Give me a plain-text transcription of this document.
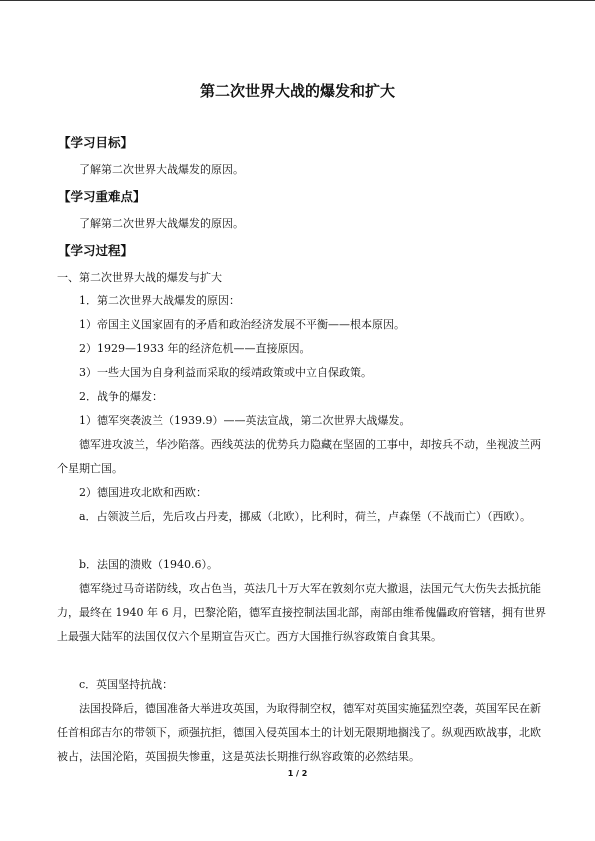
第二次世界大战的爆发和扩大
【学习目标】

了解第二次世界大战爆发的原因。

【学习重难点】

了解第二次世界大战爆发的原因。

【学习过程】

一、第二次世界大战的爆发与扩大

1．第二次世界大战爆发的原因：

1）帝国主义国家固有的矛盾和政治经济发展不平衡——根本原因。

2）1929—1933 年的经济危机——直接原因。

3）一些大国为自身利益而采取的绥靖政策或中立自保政策。

2．战争的爆发：

1）德军突袭波兰（1939.9）——英法宣战，第二次世界大战爆发。

德军进攻波兰，华沙陷落。西线英法的优势兵力隐藏在坚固的工事中，却按兵不动，坐视波兰两个星期亡国。

2）德国进攻北欧和西欧：

a．占领波兰后，先后攻占丹麦，挪威（北欧），比利时，荷兰，卢森堡（不战而亡）（西欧）。

b．法国的溃败（1940.6）。

德军绕过马奇诺防线，攻占色当，英法几十万大军在敦刻尔克大撤退，法国元气大伤失去抵抗能力，最终在 1940 年 6 月，巴黎沦陷，德军直接控制法国北部，南部由维希傀儡政府管辖，拥有世界上最强大陆军的法国仅仅六个星期宣告灭亡。西方大国推行纵容政策自食其果。

c．英国坚持抗战：

法国投降后，德国准备大举进攻英国，为取得制空权，德军对英国实施猛烈空袭，英国军民在新任首相邱吉尔的带领下，顽强抗拒，德国入侵英国本土的计划无限期地搁浅了。纵观西欧战事，北欧被占，法国沦陷，英国损失惨重，这是英法长期推行纵容政策的必然结果。

1 / 2
